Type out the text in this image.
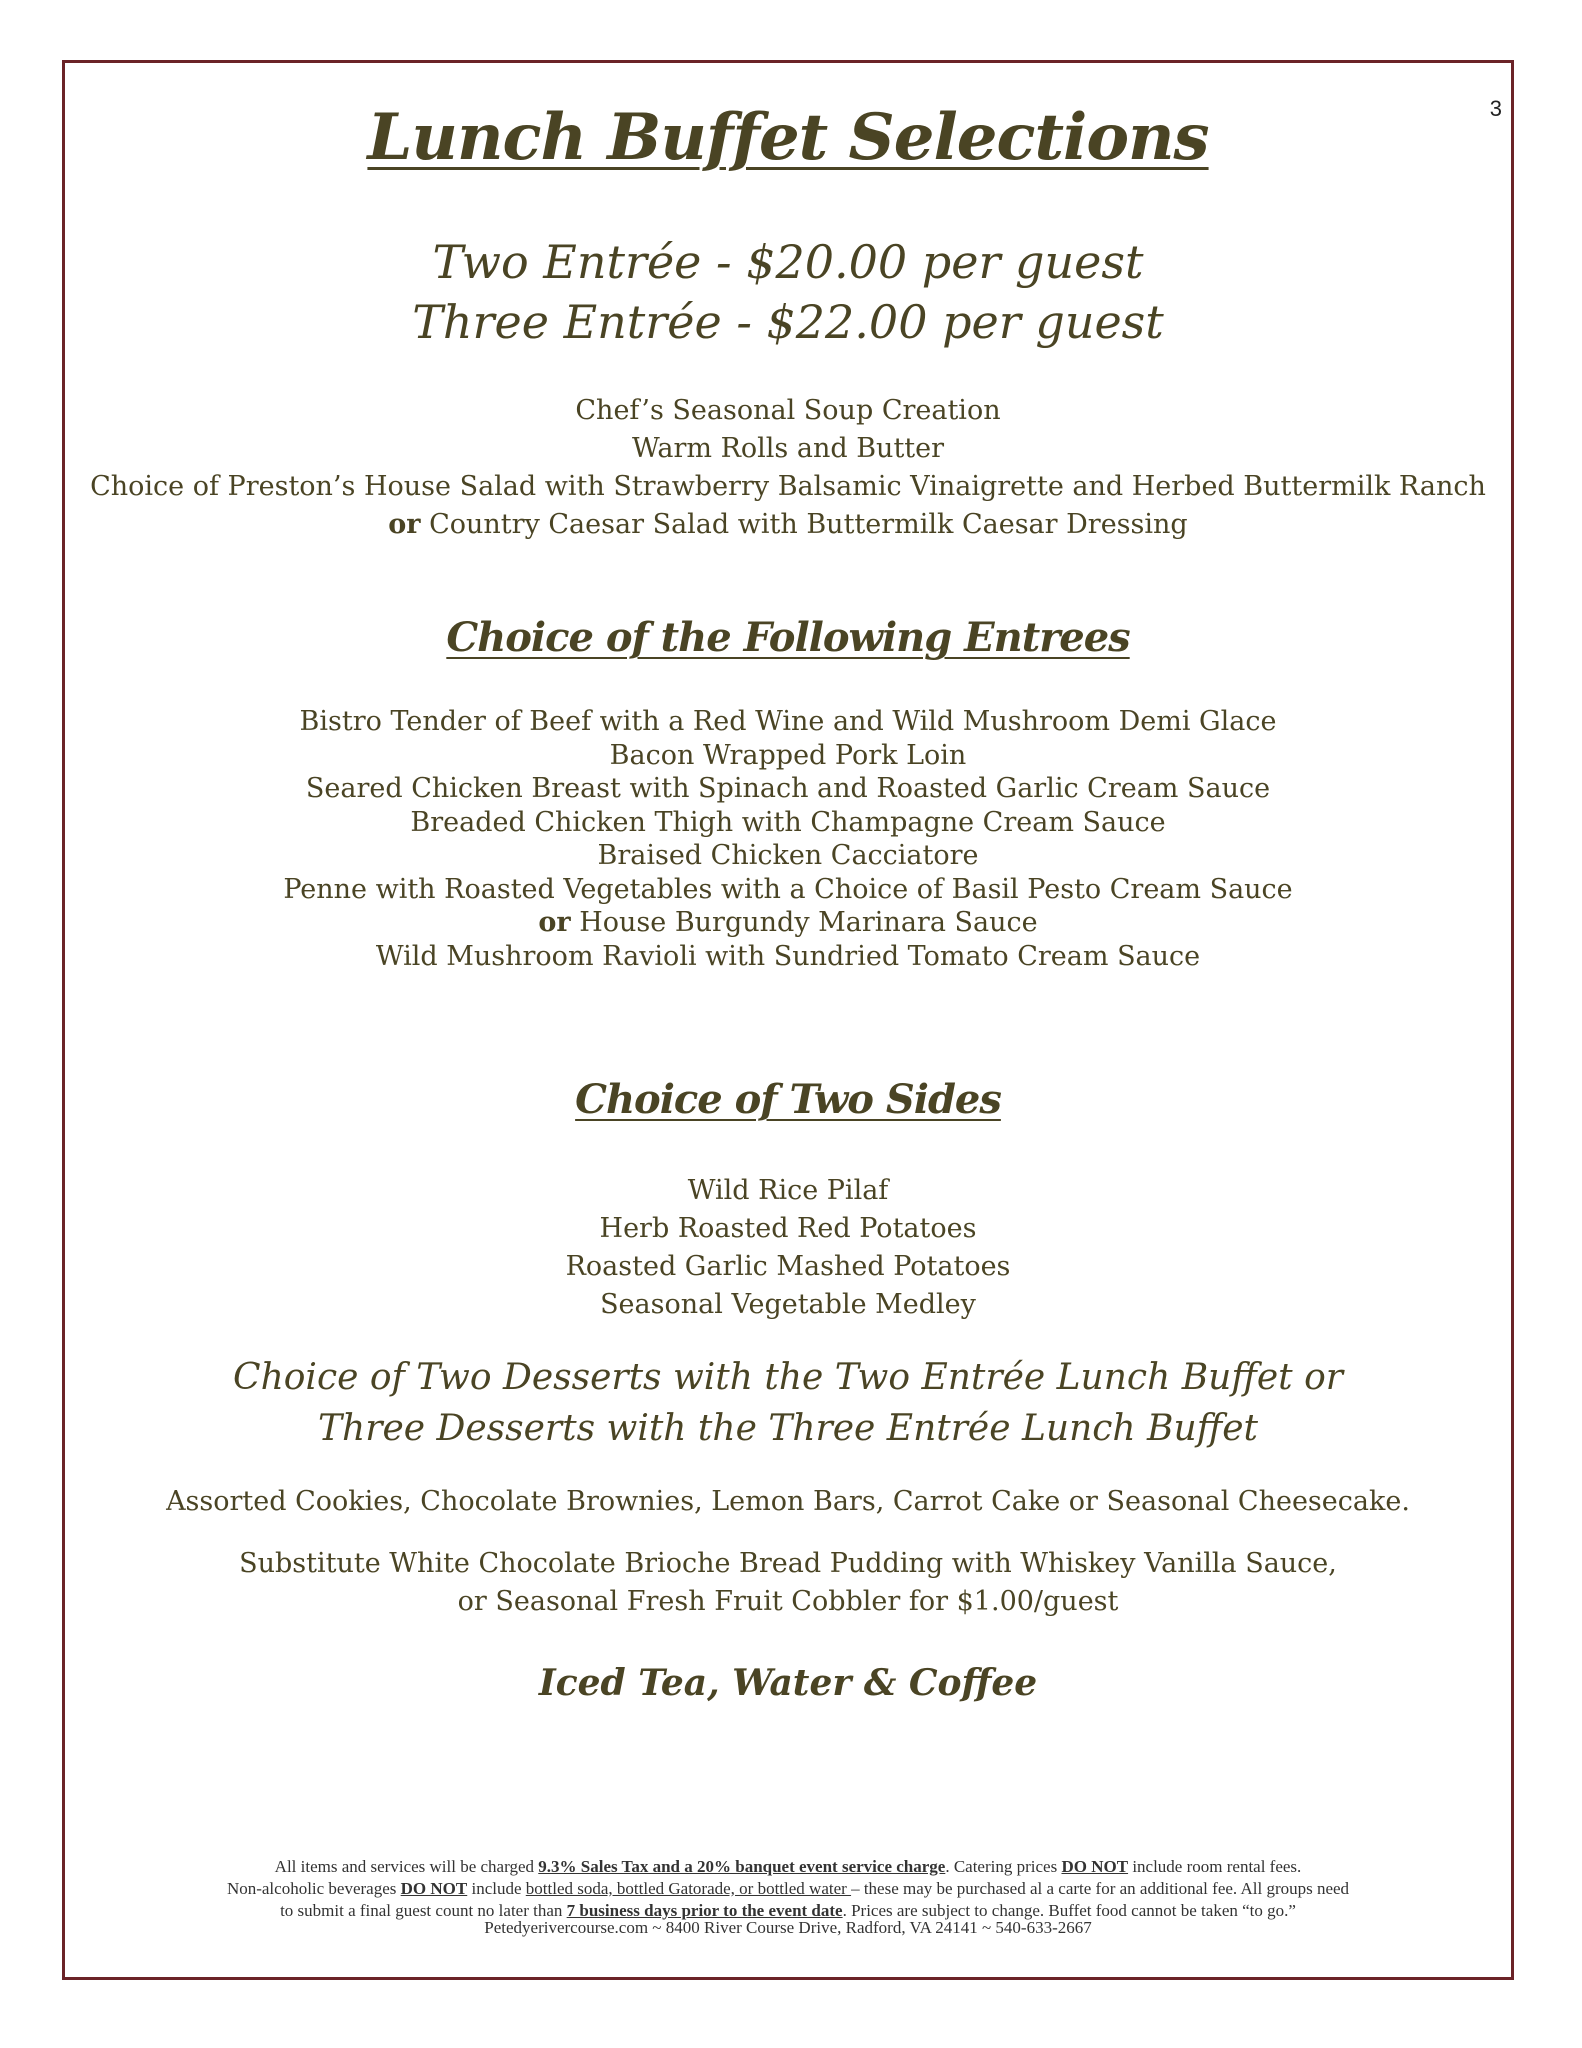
3
Lunch Buffet Selections
Two Entrée - $20.00 per guest
Three Entrée - $22.00 per guest
Chef’s Seasonal Soup Creation
Warm Rolls and Butter
Choice of Preston’s House Salad with Strawberry Balsamic Vinaigrette and Herbed Buttermilk Ranch
or Country Caesar Salad with Buttermilk Caesar Dressing
Choice of the Following Entrees
Bistro Tender of Beef with a Red Wine and Wild Mushroom Demi Glace
Bacon Wrapped Pork Loin
Seared Chicken Breast with Spinach and Roasted Garlic Cream Sauce
Breaded Chicken Thigh with Champagne Cream Sauce
Braised Chicken Cacciatore
Penne with Roasted Vegetables with a Choice of Basil Pesto Cream Sauce
or House Burgundy Marinara Sauce
Wild Mushroom Ravioli with Sundried Tomato Cream Sauce
Choice of Two Sides
Wild Rice Pilaf
Herb Roasted Red Potatoes
Roasted Garlic Mashed Potatoes
Seasonal Vegetable Medley
Choice of Two Desserts with the Two Entrée Lunch Buffet or
Three Desserts with the Three Entrée Lunch Buffet
Assorted Cookies, Chocolate Brownies, Lemon Bars, Carrot Cake or Seasonal Cheesecake.
Substitute White Chocolate Brioche Bread Pudding with Whiskey Vanilla Sauce,
or Seasonal Fresh Fruit Cobbler for $1.00/guest
Iced Tea, Water & Coffee
All items and services will be charged 9.3% Sales Tax and a 20% banquet event service charge. Catering prices DO NOT include room rental fees.
Non-alcoholic beverages DO NOT include bottled soda, bottled Gatorade, or bottled water – these may be purchased al a carte for an additional fee. All groups need
to submit a final guest count no later than 7 business days prior to the event date. Prices are subject to change. Buffet food cannot be taken “to go.”
Petedyerivercourse.com ~ 8400 River Course Drive, Radford, VA 24141 ~ 540-633-2667
